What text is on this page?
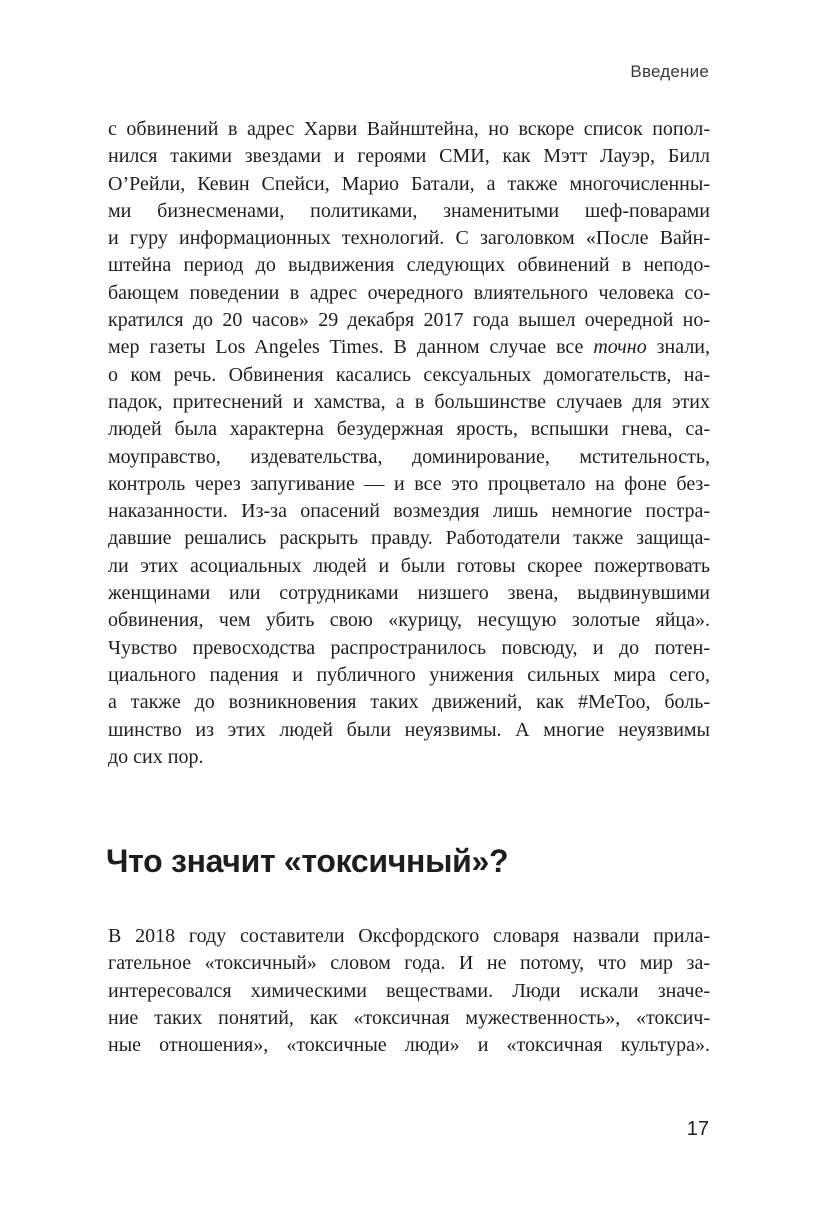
Введение
с обвинений в адрес Харви Вайнштейна, но вскоре список попол-
нился такими звездами и героями СМИ, как Мэтт Лауэр, Билл
О’Рейли, Кевин Спейси, Марио Батали, а также многочисленны-
ми бизнесменами, политиками, знаменитыми шеф-поварами
и гуру информационных технологий. С заголовком «После Вайн-
штейна период до выдвижения следующих обвинений в неподо-
бающем поведении в адрес очередного влиятельного человека со-
кратился до 20 часов» 29 декабря 2017 года вышел очередной но-
мер газеты Los Angeles Times. В данном случае все точно знали,
о ком речь. Обвинения касались сексуальных домогательств, на-
падок, притеснений и хамства, а в большинстве случаев для этих
людей была характерна безудержная ярость, вспышки гнева, са-
моуправство, издевательства, доминирование, мстительность,
контроль через запугивание — и все это процветало на фоне без-
наказанности. Из-за опасений возмездия лишь немногие постра-
давшие решались раскрыть правду. Работодатели также защища-
ли этих асоциальных людей и были готовы скорее пожертвовать
женщинами или сотрудниками низшего звена, выдвинувшими
обвинения, чем убить свою «курицу, несущую золотые яйца».
Чувство превосходства распространилось повсюду, и до потен-
циального падения и публичного унижения сильных мира сего,
а также до возникновения таких движений, как #MeToo, боль-
шинство из этих людей были неуязвимы. А многие неуязвимы
до сих пор.
Что значит «токсичный»?
В 2018 году составители Оксфордского словаря назвали прила-
гательное «токсичный» словом года. И не потому, что мир за-
интересовался химическими веществами. Люди искали значе-
ние таких понятий, как «токсичная мужественность», «токсич-
ные отношения», «токсичные люди» и «токсичная культура».
17
